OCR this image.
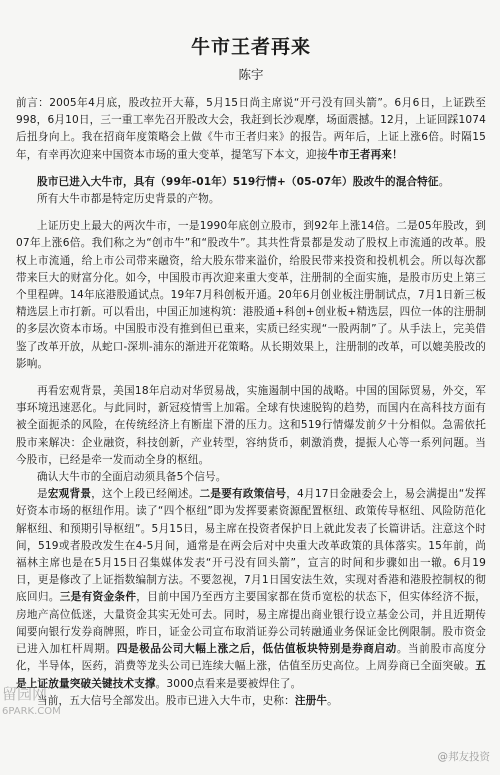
牛市王者再来
陈宇

前言：2005年4月底，股改拉开大幕，5月15日尚主席说“开弓没有回头箭”。6月6日，上证跌至998，6月10日，三一重工率先召开股改大会，我赶到长沙观摩，场面震撼。12月，上证回踩1074后扭身向上。我在招商年度策略会上做《牛市王者归来》的报告。两年后，上证上涨6倍。时隔15年，有幸再次迎来中国资本市场的重大变革，提笔写下本文，迎接牛市王者再来！

股市已进入大牛市，具有（99年-01年）519行情+（05-07年）股改牛的混合特征。

所有大牛市都是特定历史背景的产物。

上证历史上最大的两次牛市，一是1990年底创立股市，到92年上涨14倍。二是05年股改，到07年上涨6倍。我们称之为“创市牛”和“股改牛”。其共性背景都是发动了股权上市流通的改革。股权上市流通，给上市公司带来融资，给大股东带来溢价，给股民带来投资和投机机会。所以每次都带来巨大的财富分化。如今，中国股市再次迎来重大变革，注册制的全面实施，是股市历史上第三个里程碑。14年底港股通试点。19年7月科创板开通。20年6月创业板注册制试点，7月1日新三板精选层上市打新。可以看出，中国正加速构筑：港股通+科创+创业板+精选层，四位一体的注册制的多层次资本市场。中国股市没有推到但已重来，实质已经实现“一股两制”了。从手法上，完美借鉴了改革开放，从蛇口-深圳-浦东的渐进开花策略。从长期效果上，注册制的改革，可以媲美股改的影响。

再看宏观背景，美国18年启动对华贸易战，实施遏制中国的战略。中国的国际贸易，外交，军事环境迅速恶化。与此同时，新冠疫情雪上加霜。全球有快速脱钩的趋势，而国内在高科技方面有被全面扼杀的风险，在传统经济上有断崖下滑的压力。这和519行情爆发前夕十分相似。急需依托股市来解决：企业融资，科技创新，产业转型，容纳货币，刺激消费，提振人心等一系列问题。当今股市，已经是牵一发而动全身的枢纽。

确认大牛市的全面启动须具备5个信号。

是宏观背景，这个上段已经阐述。二是要有政策信号，4月17日金融委会上，易会满提出“发挥好资本市场的枢纽作用。读了“四个枢纽”即为发挥要素资源配置枢纽、政策传导枢纽、风险防范化解枢纽、和预期引导枢纽”。5月15日，易主席在投资者保护日上就此发表了长篇讲话。注意这个时间，519或者股改发生在4-5月间，通常是在两会后对中央重大改革政策的具体落实。15年前，尚福林主席也是在5月15日召集媒体发表“开弓没有回头箭”，宣言的时间和步骤如出一辙。6月19日，更是修改了上证指数编制方法。不要忽视，7月1日国安法生效，实现对香港和港股控制权的彻底回归。三是有资金条件，目前中国乃至西方主要国家都在货币宽松的状态下，但实体经济不振，房地产高位低迷，大量资金其实无处可去。同时，易主席提出商业银行设立基金公司，并且近期传闻要向银行发券商牌照，昨日，证金公司宣布取消证券公司转融通业务保证金比例限制。股市资金已进入加杠杆周期。四是极品公司大幅上涨之后，低估值板块特别是券商启动。当前股市高度分化，半导体，医药，消费等龙头公司已连续大幅上涨，估值至历史高位。上周券商已全面突破。五是上证放量突破关键技术支撑。3000点看来是要被焊住了。

当前，五大信号全部发出。股市已进入大牛市，史称：注册牛。

留园网
6PARK.COM
@邦友投资
